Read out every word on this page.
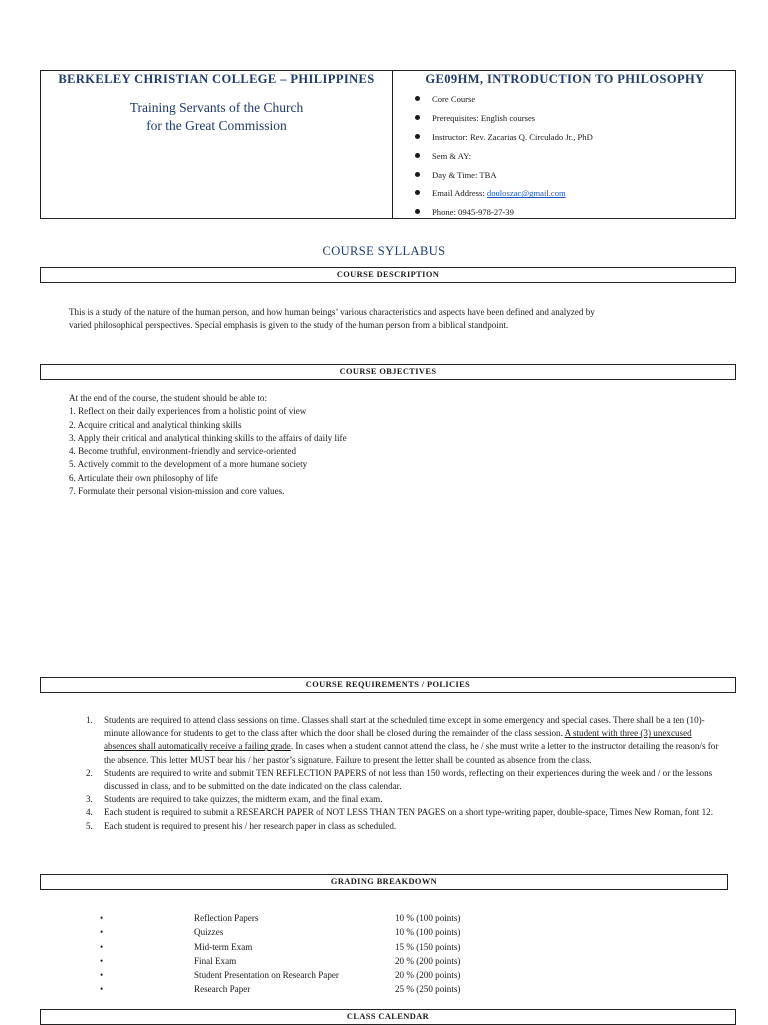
BERKELEY CHRISTIAN COLLEGE – PHILIPPINES
Training Servants of the Church
for the Great Commission
GE09HM, INTRODUCTION TO PHILOSOPHY
Core Course
Prerequisites: English courses
Instructor: Rev. Zacarias Q. Circulado Jr., PhD
Sem & AY:
Day & Time: TBA
Email Address: douloszac@gmail.com
Phone: 0945-978-27-39
COURSE SYLLABUS
COURSE DESCRIPTION
This is a study of the nature of the human person, and how human beings’ various characteristics and aspects have been defined and analyzed by
varied philosophical perspectives. Special emphasis is given to the study of the human person from a biblical standpoint.
COURSE OBJECTIVES
At the end of the course, the student should be able to:
1. Reflect on their daily experiences from a holistic point of view
2. Acquire critical and analytical thinking skills
3. Apply their critical and analytical thinking skills to the affairs of daily life
4. Become truthful, environment-friendly and service-oriented
5. Actively commit to the development of a more humane society
6. Articulate their own philosophy of life
7. Formulate their personal vision-mission and core values.
COURSE REQUIREMENTS / POLICIES
1. Students are required to attend class sessions on time. Classes shall start at the scheduled time except in some emergency and special cases. There shall be a ten (10)- minute allowance for students to get to the class after which the door shall be closed during the remainder of the class session. A student with three (3) unexcused absences shall automatically receive a failing grade. In cases when a student cannot attend the class, he / she must write a letter to the instructor detailing the reason/s for the absence. This letter MUST bear his / her pastor’s signature. Failure to present the letter shall be counted as absence from the class.
2. Students are required to write and submit TEN REFLECTION PAPERS of not less than 150 words, reflecting on their experiences during the week and / or the lessons discussed in class, and to be submitted on the date indicated on the class calendar.
3. Students are required to take quizzes, the midterm exam, and the final exam.
4. Each student is required to submit a RESEARCH PAPER of NOT LESS THAN TEN PAGES on a short type-writing paper, double-space, Times New Roman, font 12.
5. Each student is required to present his / her research paper in class as scheduled.
GRADING BREAKDOWN
•	Reflection Papers	10 % (100 points)
•	Quizzes	10 % (100 points)
•	Mid-term Exam	15 % (150 points)
•	Final Exam	20 % (200 points)
•	Student Presentation on Research Paper	20 % (200 points)
•	Research Paper	25 % (250 points)
CLASS CALENDAR
